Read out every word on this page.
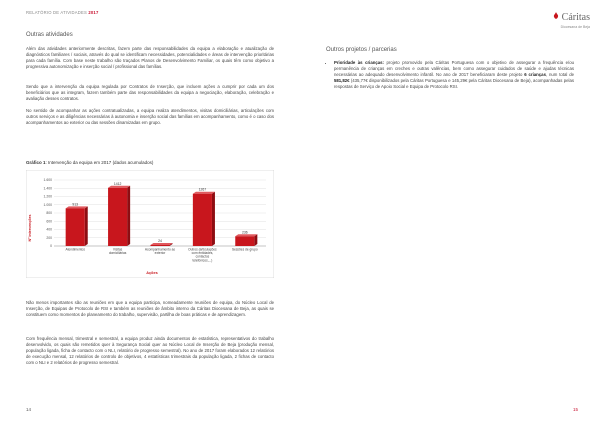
RELATÓRIO DE ATIVIDADES 2017
Outras atividades

Além das atividades anteriormente descritas, fazem parte das responsabilidades da equipa a elaboração e atualização de diagnósticos familiares / sociais, através do qual se identificam necessidades, potencialidades e áreas de intervenção prioritárias para cada família. Com base neste trabalho são traçados Planos de Desenvolvimento Familiar, os quais têm como objetivo a progressiva autonomização e inserção social / profissional das famílias.

Sendo que a intervenção da equipa regulada por Contratos de Inserção, que incluem ações a cumprir por cada um dos beneficiários que as integram, fazem também parte das responsabilidades da equipa a negociação, elaboração, celebração e avaliação desses contratos.

No sentido de acompanhar as ações contratualizadas, a equipa realiza atendimentos, visitas domiciliárias, articulações com outros serviços e as diligências necessárias à autonomia e inserção social das famílias em acompanhamento, como é o caso dos acompanhamentos ao exterior ou das sessões dinamizadas em grupo.

Gráfico 1: Intervenção da equipa em 2017 (dados acumulados)
0
200
400
600
800
1.000
1.200
1.400
1.600
913
Atendimentos
1412
Visitas domiciliárias
24
Acompanhamento ao exterior
1267
Outros (articulações com entidades, contactos telefónicos,...)
236
Sessões de grupo
Nº intervenções
Ações

Não menos importantes são as reuniões em que a equipa participa, nomeadamente reuniões de equipa, do Núcleo Local de Inserção, de Equipas de Protocolo de RSI e também as reuniões de âmbito interno da Cáritas Diocesana de Beja, as quais se constituem como momentos de planeamento do trabalho, supervisão, partilha de boas práticas e de aprendizagem.

Com frequência mensal, trimestral e semestral, a equipa produz ainda documentos de estatística, representativos do trabalho desenvolvido, os quais são remetidos quer à Segurança Social quer ao Núcleo Local de Inserção de Beja (produção mensal, população ligada, ficha de contacto com o NLI, relatório de progresso semestral). No ano de 2017 foram elaborados 12 relatórios de execução mensal, 12 relatórios de controlo de objetivos, 4 estatísticas trimestrais da população ligada, 2 fichas de contacto com o NLI e 2 relatórios de progresso semestral.

14
Cáritas
Diocesana de Beja
Outros projetos / parcerias
• Prioridade às crianças: projeto promovido pela Cáritas Portuguesa com o objetivo de assegurar a frequência e/ou permanência de crianças em creches e outras valências, bem como assegurar cuidados de saúde e ajudas técnicas necessárias ao adequado desenvolvimento infantil. No ano de 2017 beneficiaram deste projeto 6 crianças, num total de 581,82€ (435,77€ disponibilizados pela Cáritas Portuguesa e 145,29€ pela Cáritas Diocesana de Beja), acompanhadas pelas respostas de Serviço de Apoio Social e Equipa de Protocolo RSI.
15
